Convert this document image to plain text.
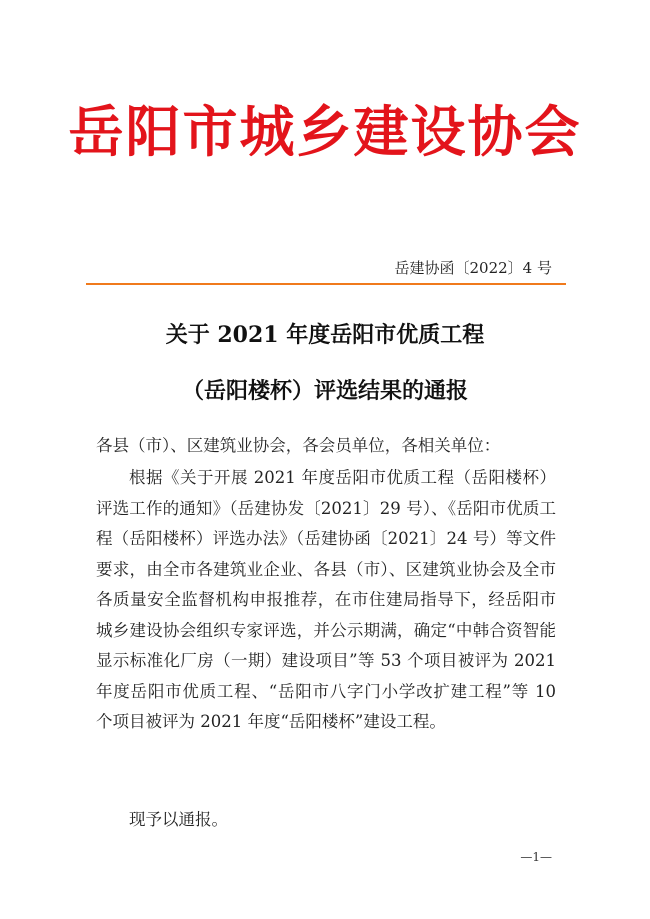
岳阳市城乡建设协会
岳建协函〔2022〕4 号
关于 2021 年度岳阳市优质工程
（岳阳楼杯）评选结果的通报
各县（市）、区建筑业协会，各会员单位，各相关单位：
根据《关于开展 2021 年度岳阳市优质工程（岳阳楼杯）评选工作的通知》（岳建协发〔2021〕29 号）、《岳阳市优质工程（岳阳楼杯）评选办法》（岳建协函〔2021〕24 号）等文件要求，由全市各建筑业企业、各县（市）、区建筑业协会及全市各质量安全监督机构申报推荐，在市住建局指导下，经岳阳市城乡建设协会组织专家评选，并公示期满，确定“中韩合资智能显示标准化厂房（一期）建设项目”等 53 个项目被评为 2021 年度岳阳市优质工程、“岳阳市八字门小学改扩建工程”等 10 个项目被评为 2021 年度“岳阳楼杯”建设工程。
现予以通报。
—1—
